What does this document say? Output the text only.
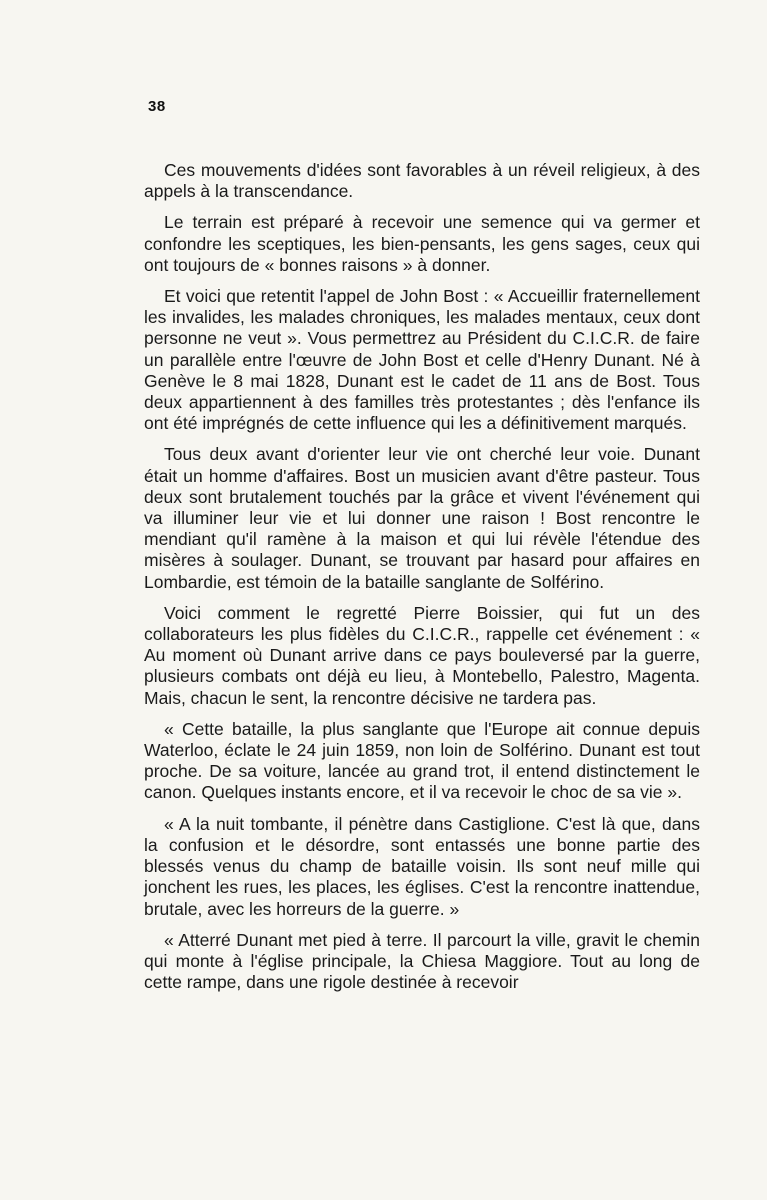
38

Ces mouvements d'idées sont favorables à un réveil religieux, à des appels à la transcendance.

Le terrain est préparé à recevoir une semence qui va germer et confondre les sceptiques, les bien-pensants, les gens sages, ceux qui ont toujours de « bonnes raisons » à donner.

Et voici que retentit l'appel de John Bost : « Accueillir fraternellement les invalides, les malades chroniques, les malades mentaux, ceux dont personne ne veut ». Vous permettrez au Président du C.I.C.R. de faire un parallèle entre l'œuvre de John Bost et celle d'Henry Dunant. Né à Genève le 8 mai 1828, Dunant est le cadet de 11 ans de Bost. Tous deux appartiennent à des familles très protestantes ; dès l'enfance ils ont été imprégnés de cette influence qui les a définitivement marqués.

Tous deux avant d'orienter leur vie ont cherché leur voie. Dunant était un homme d'affaires. Bost un musicien avant d'être pasteur. Tous deux sont brutalement touchés par la grâce et vivent l'événement qui va illuminer leur vie et lui donner une raison ! Bost rencontre le mendiant qu'il ramène à la maison et qui lui révèle l'étendue des misères à soulager. Dunant, se trouvant par hasard pour affaires en Lombardie, est témoin de la bataille sanglante de Solférino.

Voici comment le regretté Pierre Boissier, qui fut un des collaborateurs les plus fidèles du C.I.C.R., rappelle cet événement : « Au moment où Dunant arrive dans ce pays bouleversé par la guerre, plusieurs combats ont déjà eu lieu, à Montebello, Palestro, Magenta. Mais, chacun le sent, la rencontre décisive ne tardera pas.

« Cette bataille, la plus sanglante que l'Europe ait connue depuis Waterloo, éclate le 24 juin 1859, non loin de Solférino. Dunant est tout proche. De sa voiture, lancée au grand trot, il entend distinctement le canon. Quelques instants encore, et il va recevoir le choc de sa vie ».

« A la nuit tombante, il pénètre dans Castiglione. C'est là que, dans la confusion et le désordre, sont entassés une bonne partie des blessés venus du champ de bataille voisin. Ils sont neuf mille qui jonchent les rues, les places, les églises. C'est la rencontre inattendue, brutale, avec les horreurs de la guerre. »

« Atterré Dunant met pied à terre. Il parcourt la ville, gravit le chemin qui monte à l'église principale, la Chiesa Maggiore. Tout au long de cette rampe, dans une rigole destinée à recevoir
